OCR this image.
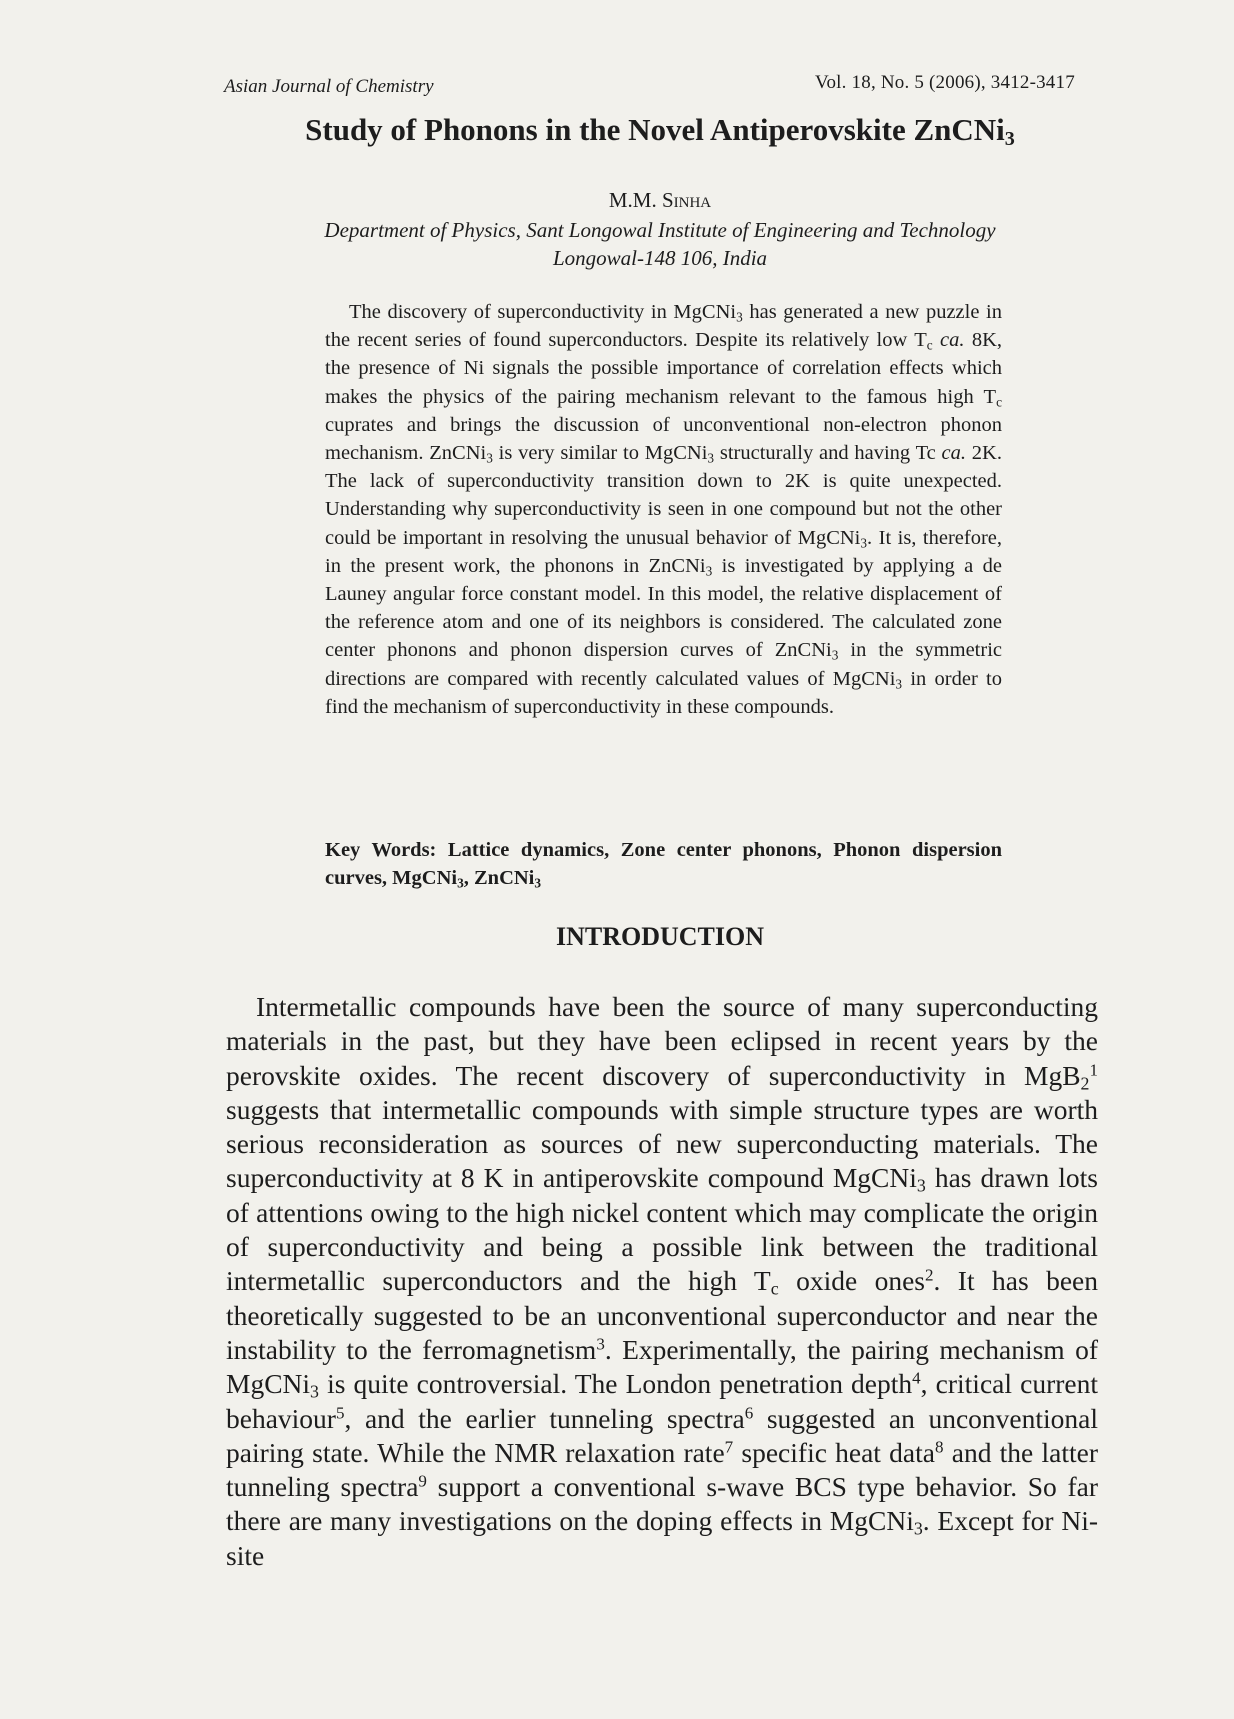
Asian Journal of Chemistry	Vol. 18, No. 5 (2006), 3412-3417
Study of Phonons in the Novel Antiperovskite ZnCNi$_3$
M.M. Sinha
Department of Physics, Sant Longowal Institute of Engineering and Technology
Longowal-148 106, India

The discovery of superconductivity in MgCNi$_3$ has generated a new puzzle in the recent series of found superconductors. Despite its relatively low $T_c$ ca. 8K, the presence of Ni signals the possible importance of correlation effects which makes the physics of the pairing mechanism relevant to the famous high $T_c$ cuprates and brings the discussion of unconventional non-electron phonon mechanism. ZnCNi$_3$ is very similar to MgCNi$_3$ structurally and having Tc ca. 2K. The lack of superconductivity transition down to 2K is quite unexpected. Understanding why superconductivity is seen in one compound but not the other could be important in resolving the unusual behavior of MgCNi$_3$. It is, therefore, in the present work, the phonons in ZnCNi$_3$ is investigated by applying a de Launey angular force constant model. In this model, the relative displacement of the reference atom and one of its neighbors is considered. The calculated zone center phonons and phonon dispersion curves of ZnCNi$_3$ in the symmetric directions are compared with recently calculated values of MgCNi$_3$ in order to find the mechanism of superconductivity in these compounds.

Key Words: Lattice dynamics, Zone center phonons, Phonon dispersion curves, MgCNi$_3$, ZnCNi$_3$
INTRODUCTION

Intermetallic compounds have been the source of many superconducting materials in the past, but they have been eclipsed in recent years by the perovskite oxides. The recent discovery of superconductivity in MgB$_2^1$ suggests that intermetallic compounds with simple structure types are worth serious reconsideration as sources of new superconducting materials. The superconductivity at 8 K in antiperovskite compound MgCNi$_3$ has drawn lots of attentions owing to the high nickel content which may complicate the origin of superconductivity and being a possible link between the traditional intermetallic superconductors and the high $T_c$ oxide ones$^2$. It has been theoretically suggested to be an unconventional superconductor and near the instability to the ferromagnetism$^3$. Experimentally, the pairing mechanism of MgCNi$_3$ is quite controversial. The London penetration depth$^4$, critical current behaviour$^5$, and the earlier tunneling spectra$^6$ suggested an unconventional pairing state. While the NMR relaxation rate$^7$ specific heat data$^8$ and the latter tunneling spectra$^9$ support a conventional s-wave BCS type behavior. So far there are many investigations on the doping effects in MgCNi$_3$. Except for Ni-site
